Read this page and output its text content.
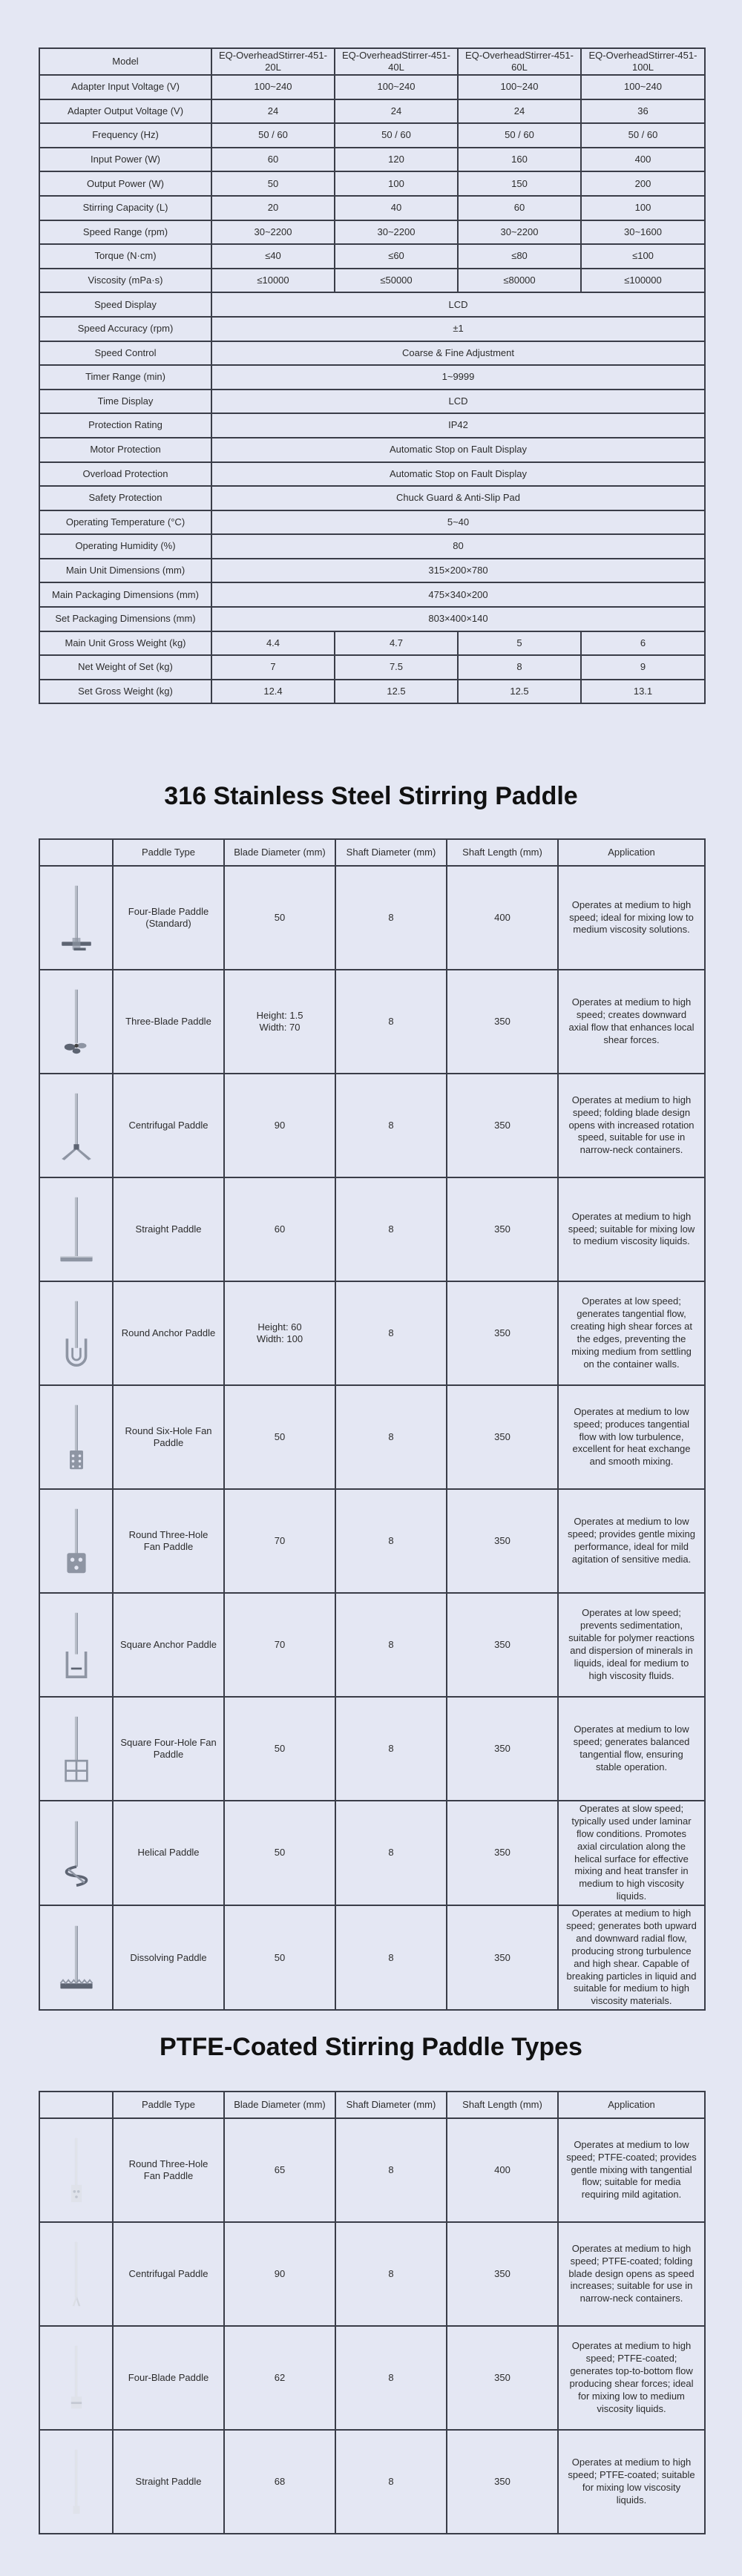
Model	EQ-OverheadStirrer-451-20L	EQ-OverheadStirrer-451-40L	EQ-OverheadStirrer-451-60L	EQ-OverheadStirrer-451-100L
Adapter Input Voltage (V)	100~240	100~240	100~240	100~240
Adapter Output Voltage (V)	24	24	24	36
Frequency (Hz)	50 / 60	50 / 60	50 / 60	50 / 60
Input Power (W)	60	120	160	400
Output Power (W)	50	100	150	200
Stirring Capacity (L)	20	40	60	100
Speed Range (rpm)	30~2200	30~2200	30~2200	30~1600
Torque (N·cm)	≤40	≤60	≤80	≤100
Viscosity (mPa·s)	≤10000	≤50000	≤80000	≤100000
Speed Display	LCD			
Speed Accuracy (rpm)	±1			
Speed Control	Coarse & Fine Adjustment			
Timer Range (min)	1~9999			
Time Display	LCD			
Protection Rating	IP42			
Motor Protection	Automatic Stop on Fault Display			
Overload Protection	Automatic Stop on Fault Display			
Safety Protection	Chuck Guard & Anti-Slip Pad			
Operating Temperature (°C)	5~40			
Operating Humidity (%)	80			
Main Unit Dimensions (mm)	315×200×780			
Main Packaging Dimensions (mm)	475×340×200			
Set Packaging Dimensions (mm)	803×400×140			
Main Unit Gross Weight (kg)	4.4	4.7	5	6
Net Weight of Set (kg)	7	7.5	8	9
Set Gross Weight (kg)	12.4	12.5	12.5	13.1
316 Stainless Steel Stirring Paddle
	Paddle Type	Blade Diameter (mm)	Shaft Diameter (mm)	Shaft Length (mm)	Application

	Four-Blade Paddle (Standard)	50	8	400	Operates at medium to high speed; ideal for mixing low to medium viscosity solutions.

	Three-Blade Paddle	Height: 1.5
Width: 70	8	350	Operates at medium to high speed; creates downward axial flow that enhances local shear forces.

	Centrifugal Paddle	90	8	350	Operates at medium to high speed; folding blade design opens with increased rotation speed, suitable for use in narrow-neck containers.

	Straight Paddle	60	8	350	Operates at medium to high speed; suitable for mixing low to medium viscosity liquids.

	Round Anchor Paddle	Height: 60
Width: 100	8	350	Operates at low speed; generates tangential flow, creating high shear forces at the edges, preventing the mixing medium from settling on the container walls.

	Round Six-Hole Fan Paddle	50	8	350	Operates at medium to low speed; produces tangential flow with low turbulence, excellent for heat exchange and smooth mixing.

	Round Three-Hole Fan Paddle	70	8	350	Operates at medium to low speed; provides gentle mixing performance, ideal for mild agitation of sensitive media.

	Square Anchor Paddle	70	8	350	Operates at low speed; prevents sedimentation, suitable for polymer reactions and dispersion of minerals in liquids, ideal for medium to high viscosity fluids.

	Square Four-Hole Fan Paddle	50	8	350	Operates at medium to low speed; generates balanced tangential flow, ensuring stable operation.

	Helical Paddle	50	8	350	Operates at slow speed; typically used under laminar flow conditions. Promotes axial circulation along the helical surface for effective mixing and heat transfer in medium to high viscosity liquids.

	Dissolving Paddle	50	8	350	Operates at medium to high speed; generates both upward and downward radial flow, producing strong turbulence and high shear. Capable of breaking particles in liquid and suitable for medium to high viscosity materials.
PTFE-Coated Stirring Paddle Types
	Paddle Type	Blade Diameter (mm)	Shaft Diameter (mm)	Shaft Length (mm)	Application

	Round Three-Hole Fan Paddle	65	8	400	Operates at medium to low speed; PTFE-coated; provides gentle mixing with tangential flow; suitable for media requiring mild agitation.

	Centrifugal Paddle	90	8	350	Operates at medium to high speed; PTFE-coated; folding blade design opens as speed increases; suitable for use in narrow-neck containers.

	Four-Blade Paddle	62	8	350	Operates at medium to high speed; PTFE-coated; generates top-to-bottom flow producing shear forces; ideal for mixing low to medium viscosity liquids.

	Straight Paddle	68	8	350	Operates at medium to high speed; PTFE-coated; suitable for mixing low viscosity liquids.
